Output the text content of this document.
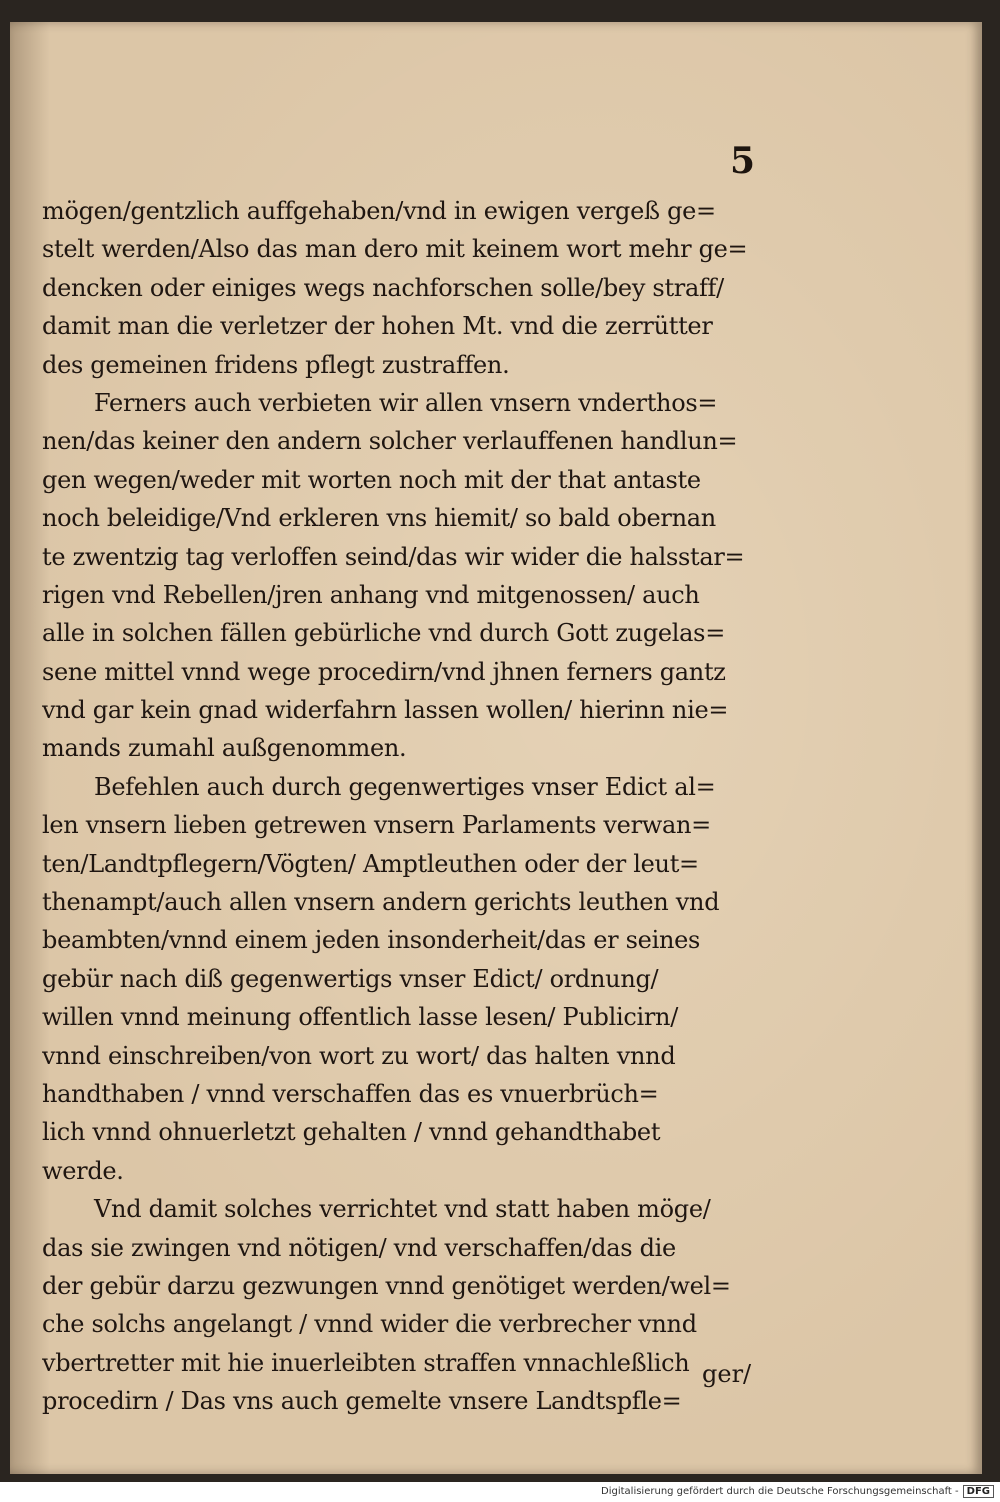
5
mögen/gentzlich auffgehaben/vnd in ewigen vergeß ge=
stelt werden/Also das man dero mit keinem wort mehr ge=
dencken oder einiges wegs nachforschen solle/bey straff/
damit man die verletzer der hohen Mt. vnd die zerrütter
des gemeinen fridens pflegt zustraffen.
Ferners auch verbieten wir allen vnsern vnderthos=
nen/das keiner den andern solcher verlauffenen handlun=
gen wegen/weder mit worten noch mit der that antaste
noch beleidige/Vnd erkleren vns hiemit/ so bald obernan
te zwentzig tag verloffen seind/das wir wider die halsstar=
rigen vnd Rebellen/jren anhang vnd mitgenossen/ auch
alle in solchen fällen gebürliche vnd durch Gott zugelas=
sene mittel vnnd wege procedirn/vnd jhnen ferners gantz
vnd gar kein gnad widerfahrn lassen wollen/ hierinn nie=
mands zumahl außgenommen.
Befehlen auch durch gegenwertiges vnser Edict al=
len vnsern lieben getrewen vnsern Parlaments verwan=
ten/Landtpflegern/Vögten/ Amptleuthen oder der leut=
thenampt/auch allen vnsern andern gerichts leuthen vnd
beambten/vnnd einem jeden insonderheit/das er seines
gebür nach diß gegenwertigs vnser Edict/ ordnung/
willen vnnd meinung offentlich lasse lesen/ Publicirn/
vnnd einschreiben/von wort zu wort/ das halten vnnd
handthaben / vnnd verschaffen das es vnuerbrüch=
lich vnnd ohnuerletzt gehalten / vnnd gehandthabet
werde.
Vnd damit solches verrichtet vnd statt haben möge/
das sie zwingen vnd nötigen/ vnd verschaffen/das die
der gebür darzu gezwungen vnnd genötiget werden/wel=
che solchs angelangt / vnnd wider die verbrecher vnnd
vbertretter mit hie inuerleibten straffen vnnachleßlich
procedirn / Das vns auch gemelte vnsere Landtspfle=
ger/
Digitalisierung gefördert durch die Deutsche Forschungsgemeinschaft - DFG
